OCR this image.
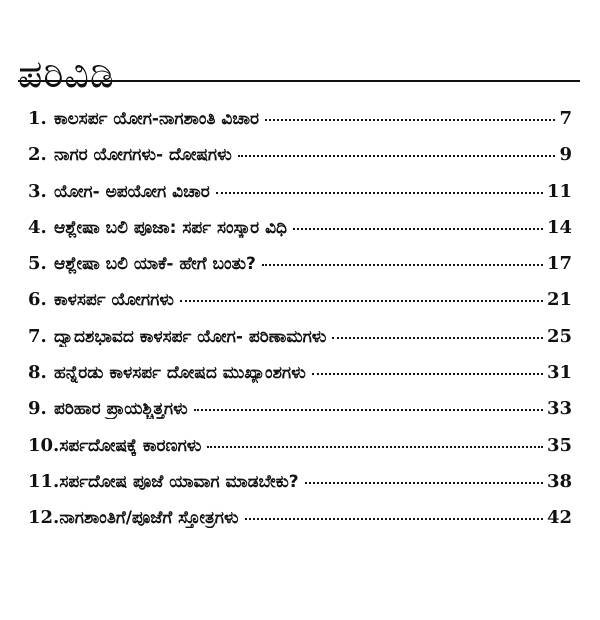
ಪರಿವಿಡಿ
1. ಕಾಲಸರ್ಪ ಯೋಗ-ನಾಗಶಾಂತಿ ವಿಚಾರ	7
2. ನಾಗರ ಯೋಗಗಳು- ದೋಷಗಳು	9
3. ಯೋಗ- ಅಪಯೋಗ ವಿಚಾರ	11
4. ಆಶ್ಲೇಷಾ ಬಲಿ ಪೂಜಾ: ಸರ್ಪ ಸಂಸ್ಕಾರ ವಿಧಿ	14
5. ಆಶ್ಲೇಷಾ ಬಲಿ ಯಾಕೆ- ಹೇಗೆ ಬಂತು?	17
6. ಕಾಳಸರ್ಪ ಯೋಗಗಳು	21
7. ದ್ವಾದಶಭಾವದ ಕಾಳಸರ್ಪ ಯೋಗ- ಪರಿಣಾಮಗಳು	25
8. ಹನ್ನೆರಡು ಕಾಳಸರ್ಪ ದೋಷದ ಮುಖ್ಯಾಂಶಗಳು	31
9. ಪರಿಹಾರ ಪ್ರಾಯಶ್ಚಿತ್ತಗಳು	33
10. ಸರ್ಪದೋಷಕ್ಕೆ ಕಾರಣಗಳು	35
11. ಸರ್ಪದೋಷ ಪೂಜೆ ಯಾವಾಗ ಮಾಡಬೇಕು?	38
12. ನಾಗಶಾಂತಿಗೆ/ಪೂಜೆಗೆ ಸ್ತೋತ್ರಗಳು	42
